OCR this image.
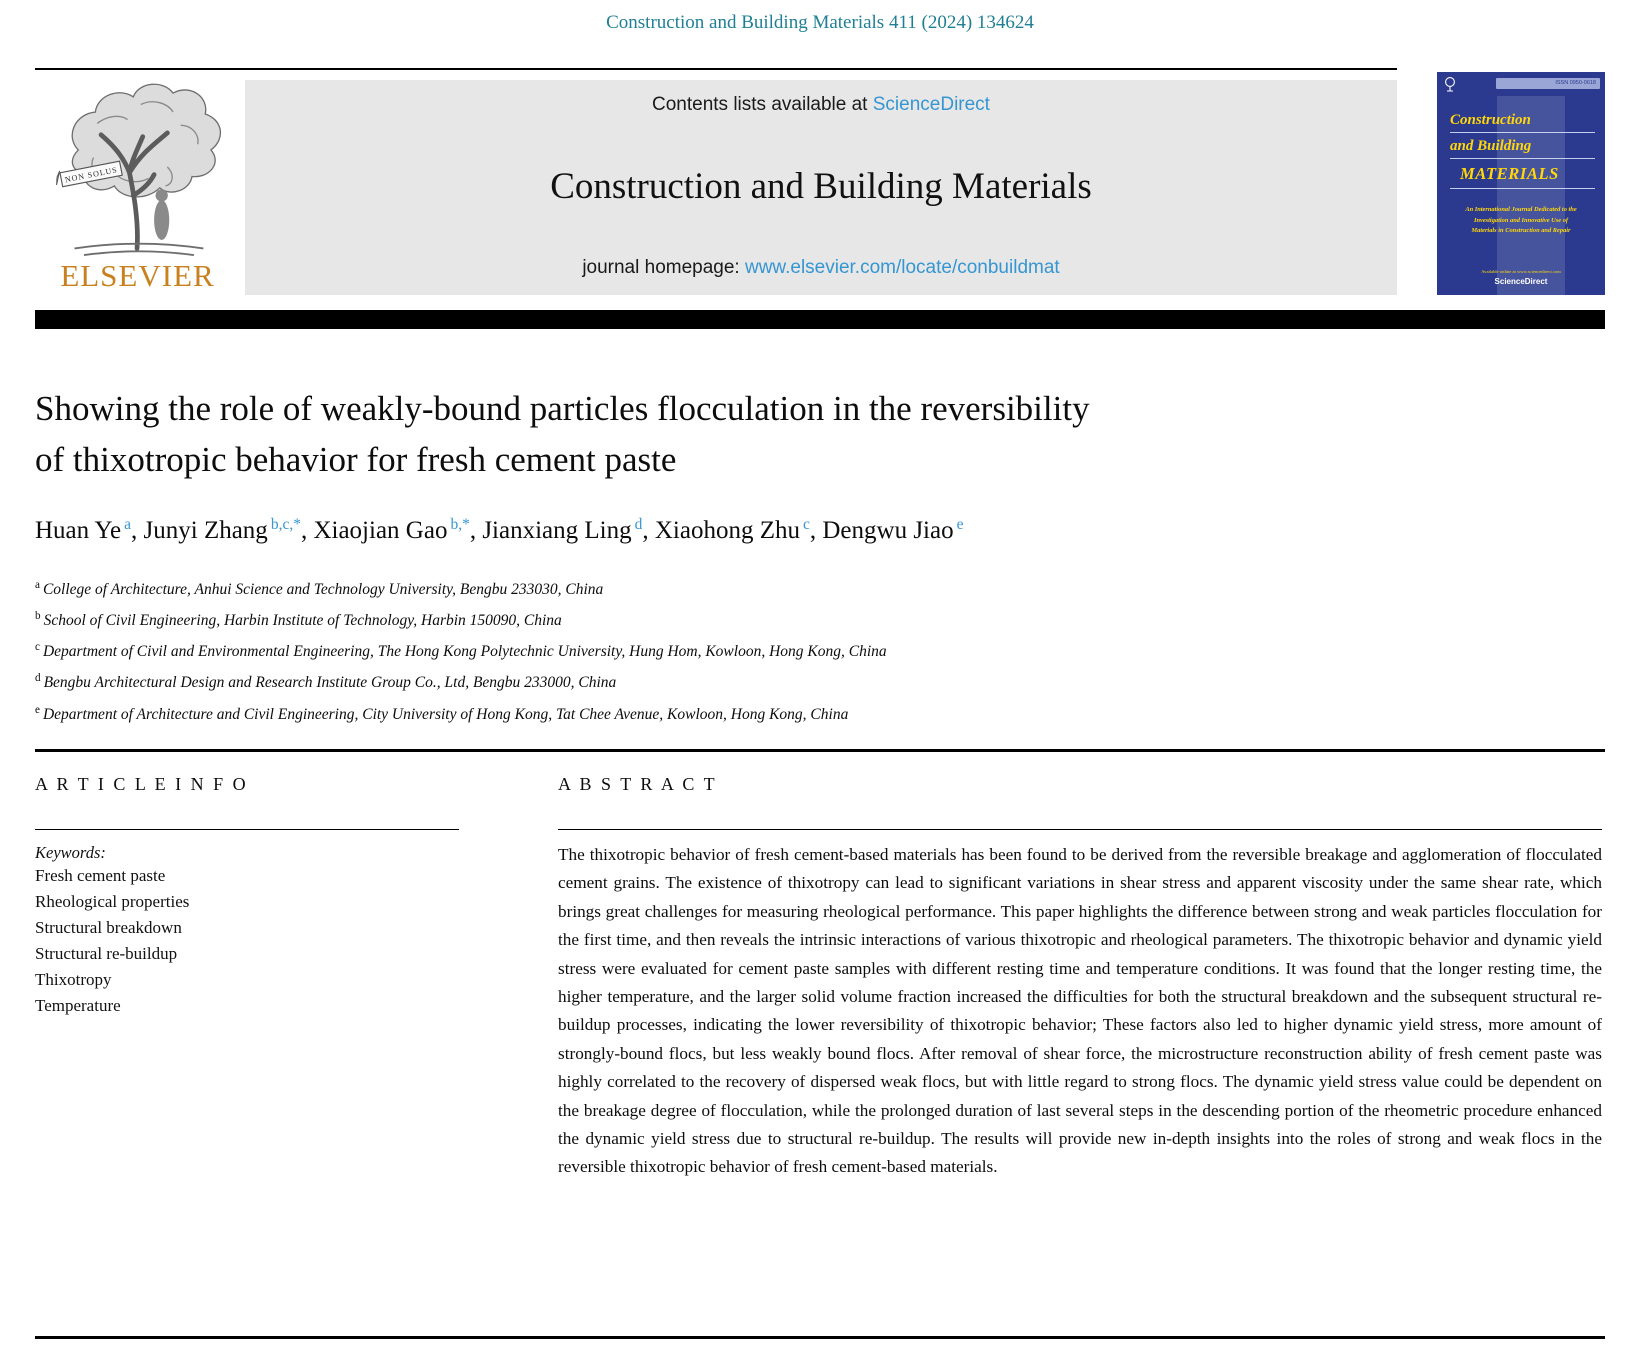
Construction and Building Materials 411 (2024) 134624
NON SOLUS
ELSEVIER
Contents lists available at ScienceDirect
Construction and Building Materials
journal homepage: www.elsevier.com/locate/conbuildmat
ISSN 0950-0618
Construction
and Building
MATERIALS
An International Journal Dedicated to the Investigation and Innovative Use of Materials in Construction and Repair
Available online at www.sciencedirect.com
ScienceDirect
Showing the role of weakly-bound particles flocculation in the reversibility
of thixotropic behavior for fresh cement paste
Huan Ye $^a$, Junyi Zhang $^{b,c,*}$, Xiaojian Gao $^{b,*}$, Jianxiang Ling $^d$, Xiaohong Zhu $^c$, Dengwu Jiao $^e$
$^a$ College of Architecture, Anhui Science and Technology University, Bengbu 233030, China
$^b$ School of Civil Engineering, Harbin Institute of Technology, Harbin 150090, China
$^c$ Department of Civil and Environmental Engineering, The Hong Kong Polytechnic University, Hung Hom, Kowloon, Hong Kong, China
$^d$ Bengbu Architectural Design and Research Institute Group Co., Ltd, Bengbu 233000, China
$^e$ Department of Architecture and Civil Engineering, City University of Hong Kong, Tat Chee Avenue, Kowloon, Hong Kong, China
A R T I C L E I N F O
Keywords:
Fresh cement paste
Rheological properties
Structural breakdown
Structural re-buildup
Thixotropy
Temperature
A B S T R A C T

The thixotropic behavior of fresh cement-based materials has been found to be derived from the reversible breakage and agglomeration of flocculated cement grains. The existence of thixotropy can lead to significant variations in shear stress and apparent viscosity under the same shear rate, which brings great challenges for measuring rheological performance. This paper highlights the difference between strong and weak particles flocculation for the first time, and then reveals the intrinsic interactions of various thixotropic and rheological parameters. The thixotropic behavior and dynamic yield stress were evaluated for cement paste samples with different resting time and temperature conditions. It was found that the longer resting time, the higher temperature, and the larger solid volume fraction increased the difficulties for both the structural breakdown and the subsequent structural re-buildup processes, indicating the lower reversibility of thixotropic behavior; These factors also led to higher dynamic yield stress, more amount of strongly-bound flocs, but less weakly bound flocs. After removal of shear force, the microstructure reconstruction ability of fresh cement paste was highly correlated to the recovery of dispersed weak flocs, but with little regard to strong flocs. The dynamic yield stress value could be dependent on the breakage degree of flocculation, while the prolonged duration of last several steps in the descending portion of the rheometric procedure enhanced the dynamic yield stress due to structural re-buildup. The results will provide new in-depth insights into the roles of strong and weak flocs in the reversible thixotropic behavior of fresh cement-based materials.
